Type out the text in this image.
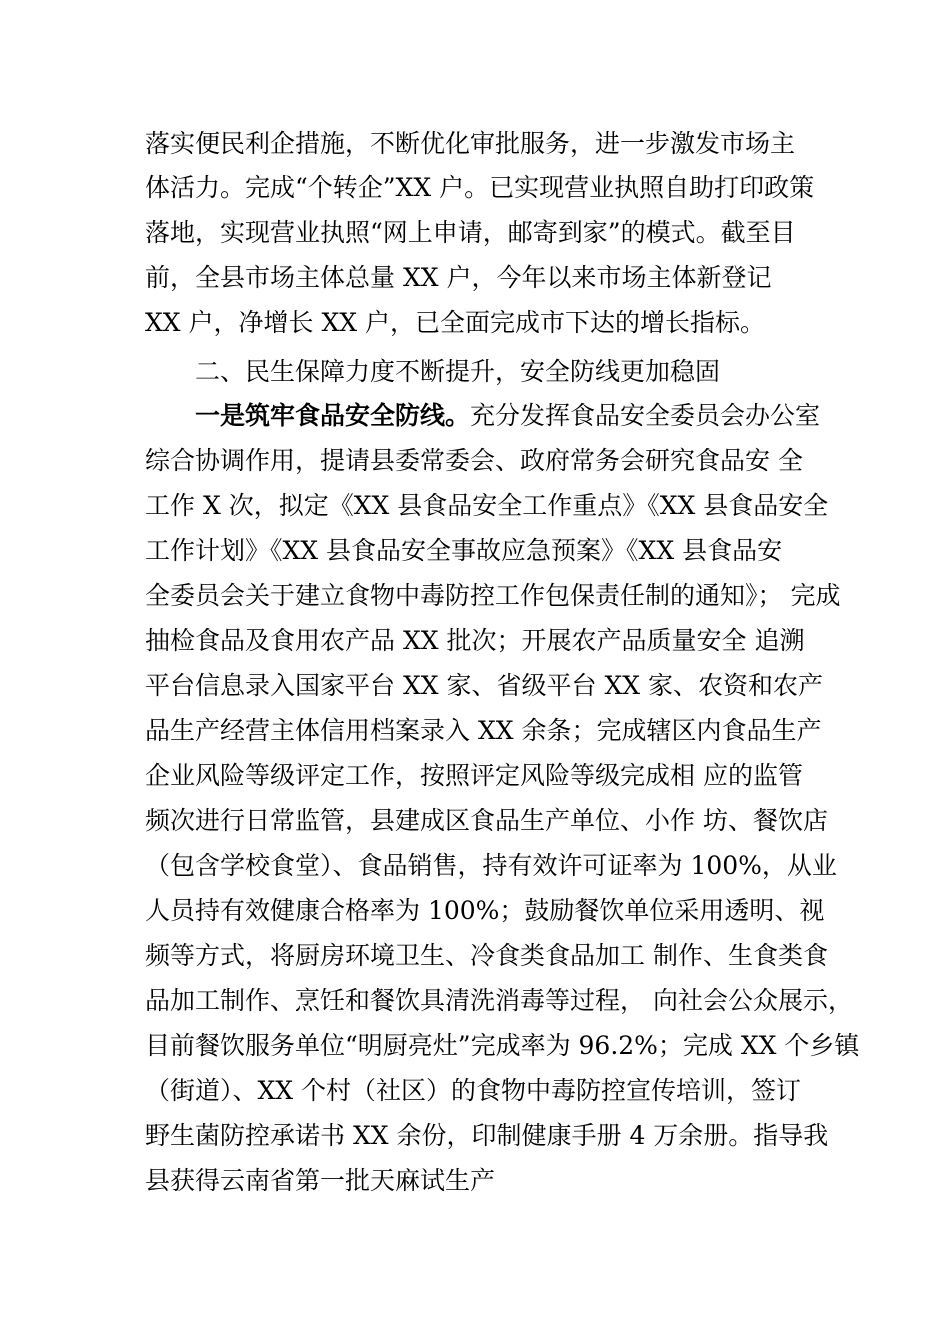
落实便民利企措施，不断优化审批服务，进一步激发市场主
体活力。完成“个转企”XX 户。已实现营业执照自助打印政策
落地，实现营业执照“网上申请，邮寄到家”的模式。截至目
前，全县市场主体总量 XX 户，今年以来市场主体新登记
XX 户，净增长 XX 户，已全面完成市下达的增长指标。
二、民生保障力度不断提升，安全防线更加稳固
一是筑牢食品安全防线。充分发挥食品安全委员会办公室
综合协调作用，提请县委常委会、政府常务会研究食品安 全
工作 X 次，拟定《XX 县食品安全工作重点》《XX 县食品安全
工作计划》《XX 县食品安全事故应急预案》《XX 县食品安
全委员会关于建立食物中毒防控工作包保责任制的通知》； 完成
抽检食品及食用农产品 XX 批次；开展农产品质量安全 追溯
平台信息录入国家平台 XX 家、省级平台 XX 家、农资和农产
品生产经营主体信用档案录入 XX 余条；完成辖区内食品生产
企业风险等级评定工作，按照评定风险等级完成相 应的监管
频次进行日常监管，县建成区食品生产单位、小作 坊、餐饮店
（包含学校食堂）、食品销售，持有效许可证率为 100%，从业
人员持有效健康合格率为 100%；鼓励餐饮单位采用透明、视
频等方式，将厨房环境卫生、冷食类食品加工 制作、生食类食
品加工制作、烹饪和餐饮具清洗消毒等过程， 向社会公众展示，
目前餐饮服务单位“明厨亮灶”完成率为 96.2%；完成 XX 个乡镇
（街道）、XX 个村（社区）的食物中毒防控宣传培训，签订
野生菌防控承诺书 XX 余份，印制健康手册 4 万余册。指导我
县获得云南省第一批天麻试生产
